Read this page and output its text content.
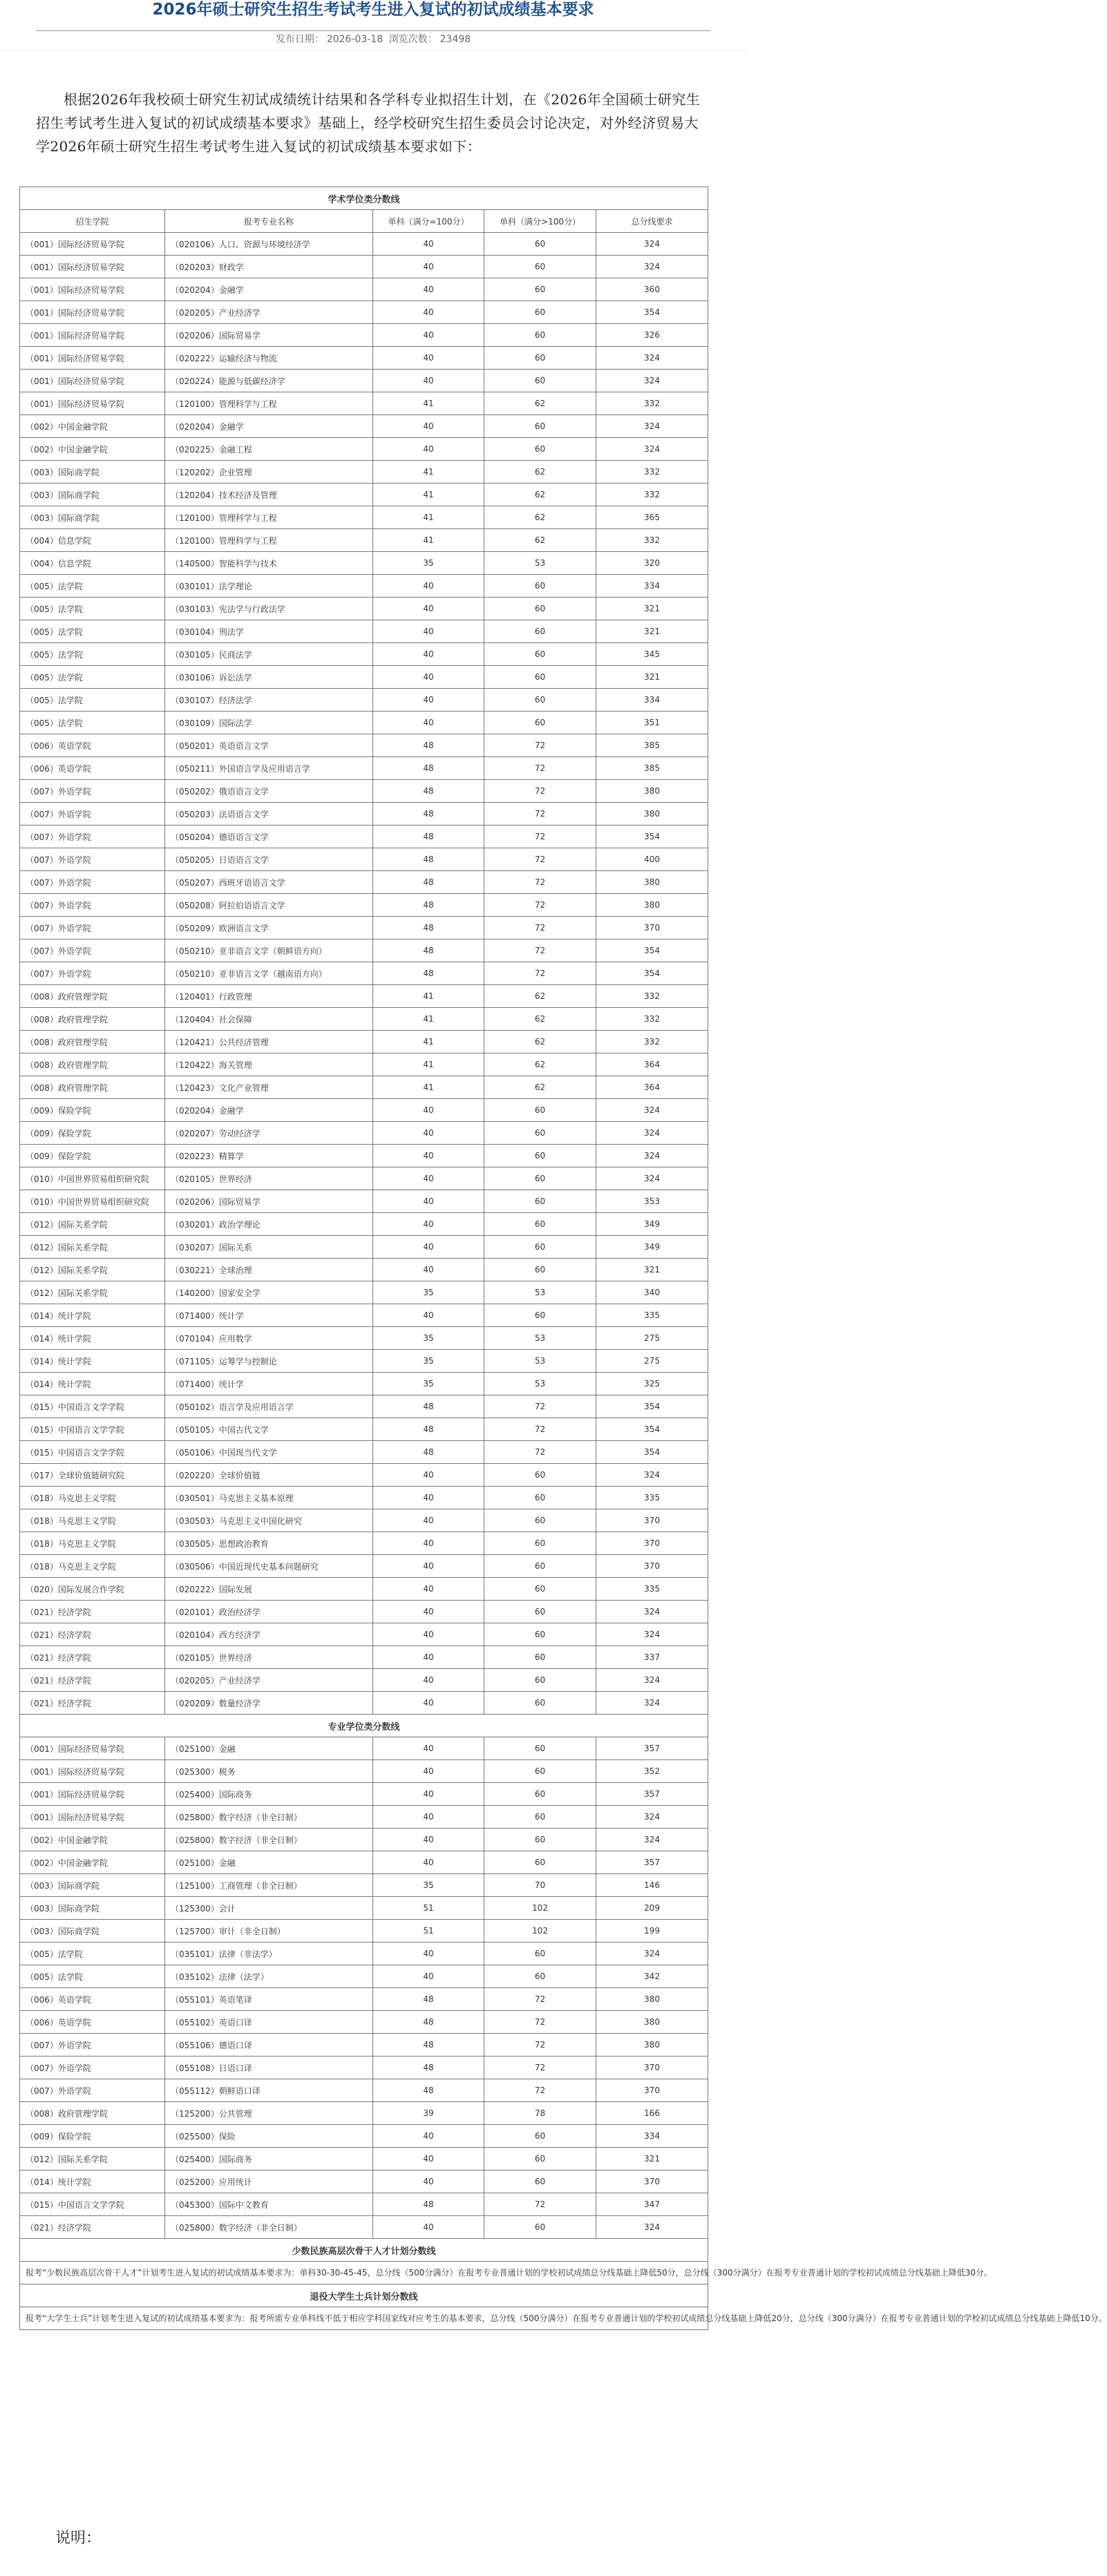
2026年硕士研究生招生考试考生进入复试的初试成绩基本要求
发布日期： 2026-03-18 浏览次数： 23498

根据2026年我校硕士研究生初试成绩统计结果和各学科专业拟招生计划，在《2026年全国硕士研究生招生考试考生进入复试的初试成绩基本要求》基础上，经学校研究生招生委员会讨论决定，对外经济贸易大学2026年硕士研究生招生考试考生进入复试的初试成绩基本要求如下：

学术学位类分数线				
招生学院	报考专业名称	单科（满分=100分）	单科（满分>100分）	总分线要求
（001）国际经济贸易学院	（020106）人口、资源与环境经济学	40	60	324
（001）国际经济贸易学院	（020203）财政学	40	60	324
（001）国际经济贸易学院	（020204）金融学	40	60	360
（001）国际经济贸易学院	（020205）产业经济学	40	60	354
（001）国际经济贸易学院	（020206）国际贸易学	40	60	326
（001）国际经济贸易学院	（020222）运输经济与物流	40	60	324
（001）国际经济贸易学院	（020224）能源与低碳经济学	40	60	324
（001）国际经济贸易学院	（120100）管理科学与工程	41	62	332
（002）中国金融学院	（020204）金融学	40	60	324
（002）中国金融学院	（020225）金融工程	40	60	324
（003）国际商学院	（120202）企业管理	41	62	332
（003）国际商学院	（120204）技术经济及管理	41	62	332
（003）国际商学院	（120100）管理科学与工程	41	62	365
（004）信息学院	（120100）管理科学与工程	41	62	332
（004）信息学院	（140500）智能科学与技术	35	53	320
（005）法学院	（030101）法学理论	40	60	334
（005）法学院	（030103）宪法学与行政法学	40	60	321
（005）法学院	（030104）刑法学	40	60	321
（005）法学院	（030105）民商法学	40	60	345
（005）法学院	（030106）诉讼法学	40	60	321
（005）法学院	（030107）经济法学	40	60	334
（005）法学院	（030109）国际法学	40	60	351
（006）英语学院	（050201）英语语言文学	48	72	385
（006）英语学院	（050211）外国语言学及应用语言学	48	72	385
（007）外语学院	（050202）俄语语言文学	48	72	380
（007）外语学院	（050203）法语语言文学	48	72	380
（007）外语学院	（050204）德语语言文学	48	72	354
（007）外语学院	（050205）日语语言文学	48	72	400
（007）外语学院	（050207）西班牙语语言文学	48	72	380
（007）外语学院	（050208）阿拉伯语语言文学	48	72	380
（007）外语学院	（050209）欧洲语言文学	48	72	370
（007）外语学院	（050210）亚非语言文学（朝鲜语方向）	48	72	354
（007）外语学院	（050210）亚非语言文学（越南语方向）	48	72	354
（008）政府管理学院	（120401）行政管理	41	62	332
（008）政府管理学院	（120404）社会保障	41	62	332
（008）政府管理学院	（120421）公共经济管理	41	62	332
（008）政府管理学院	（120422）海关管理	41	62	364
（008）政府管理学院	（120423）文化产业管理	41	62	364
（009）保险学院	（020204）金融学	40	60	324
（009）保险学院	（020207）劳动经济学	40	60	324
（009）保险学院	（020223）精算学	40	60	324
（010）中国世界贸易组织研究院	（020105）世界经济	40	60	324
（010）中国世界贸易组织研究院	（020206）国际贸易学	40	60	353
（012）国际关系学院	（030201）政治学理论	40	60	349
（012）国际关系学院	（030207）国际关系	40	60	349
（012）国际关系学院	（030221）全球治理	40	60	321
（012）国际关系学院	（140200）国家安全学	35	53	340
（014）统计学院	（071400）统计学	40	60	335
（014）统计学院	（070104）应用数学	35	53	275
（014）统计学院	（071105）运筹学与控制论	35	53	275
（014）统计学院	（071400）统计学	35	53	325
（015）中国语言文学学院	（050102）语言学及应用语言学	48	72	354
（015）中国语言文学学院	（050105）中国古代文学	48	72	354
（015）中国语言文学学院	（050106）中国现当代文学	48	72	354
（017）全球价值链研究院	（020220）全球价值链	40	60	324
（018）马克思主义学院	（030501）马克思主义基本原理	40	60	335
（018）马克思主义学院	（030503）马克思主义中国化研究	40	60	370
（018）马克思主义学院	（030505）思想政治教育	40	60	370
（018）马克思主义学院	（030506）中国近现代史基本问题研究	40	60	370
（020）国际发展合作学院	（020222）国际发展	40	60	335
（021）经济学院	（020101）政治经济学	40	60	324
（021）经济学院	（020104）西方经济学	40	60	324
（021）经济学院	（020105）世界经济	40	60	337
（021）经济学院	（020205）产业经济学	40	60	324
（021）经济学院	（020209）数量经济学	40	60	324
专业学位类分数线				
（001）国际经济贸易学院	（025100）金融	40	60	357
（001）国际经济贸易学院	（025300）税务	40	60	352
（001）国际经济贸易学院	（025400）国际商务	40	60	357
（001）国际经济贸易学院	（025800）数字经济（非全日制）	40	60	324
（002）中国金融学院	（025800）数字经济（非全日制）	40	60	324
（002）中国金融学院	（025100）金融	40	60	357
（003）国际商学院	（125100）工商管理（非全日制）	35	70	146
（003）国际商学院	（125300）会计	51	102	209
（003）国际商学院	（125700）审计（非全日制）	51	102	199
（005）法学院	（035101）法律（非法学）	40	60	324
（005）法学院	（035102）法律（法学）	40	60	342
（006）英语学院	（055101）英语笔译	48	72	380
（006）英语学院	（055102）英语口译	48	72	380
（007）外语学院	（055106）德语口译	48	72	380
（007）外语学院	（055108）日语口译	48	72	370
（007）外语学院	（055112）朝鲜语口译	48	72	370
（008）政府管理学院	（125200）公共管理	39	78	166
（009）保险学院	（025500）保险	40	60	334
（012）国际关系学院	（025400）国际商务	40	60	321
（014）统计学院	（025200）应用统计	40	60	370
（015）中国语言文学学院	（045300）国际中文教育	48	72	347
（021）经济学院	（025800）数字经济（非全日制）	40	60	324
少数民族高层次骨干人才计划分数线				
报考“少数民族高层次骨干人才”计划考生进入复试的初试成绩基本要求为：单科30-30-45-45，总分线（500分满分）在报考专业普通计划的学校初试成绩总分线基础上降低50分，总分线（300分满分）在报考专业普通计划的学校初试成绩总分线基础上降低30分。				
退役大学生士兵计划分数线				
报考“大学生士兵”计划考生进入复试的初试成绩基本要求为：报考所需专业单科线不低于相应学科国家线对应考生的基本要求，总分线（500分满分）在报考专业普通计划的学校初试成绩总分线基础上降低20分，总分线（300分满分）在报考专业普通计划的学校初试成绩总分线基础上降低10分。				
说明：
